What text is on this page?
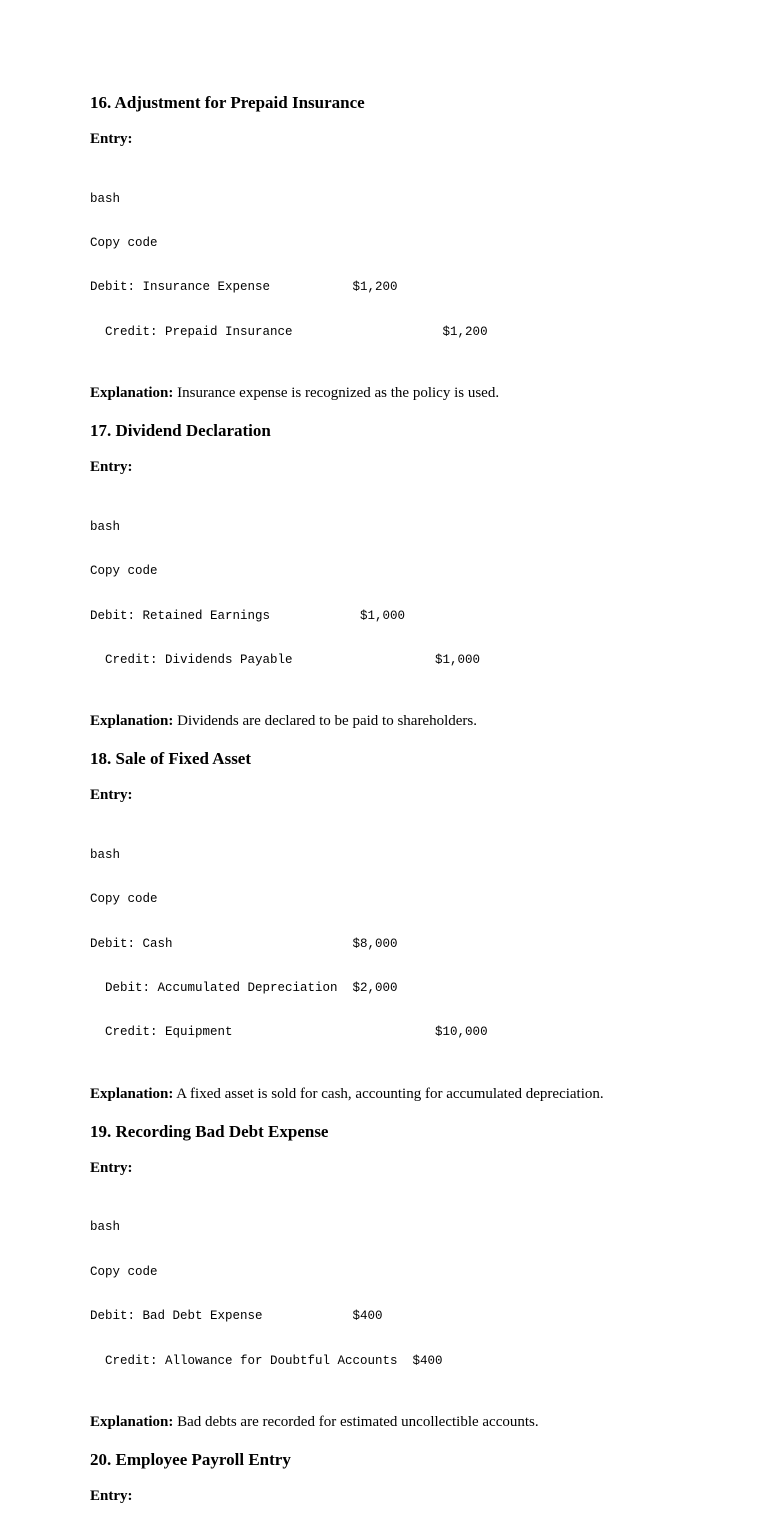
16. Adjustment for Prepaid Insurance
Entry:

bash

Copy code

Debit: Insurance Expense           $1,200

Credit: Prepaid Insurance                    $1,200

Explanation: Insurance expense is recognized as the policy is used.
17. Dividend Declaration
Entry:

bash

Copy code

Debit: Retained Earnings            $1,000

Credit: Dividends Payable                   $1,000

Explanation: Dividends are declared to be paid to shareholders.
18. Sale of Fixed Asset
Entry:

bash

Copy code

Debit: Cash                        $8,000

Debit: Accumulated Depreciation  $2,000

Credit: Equipment                           $10,000

Explanation: A fixed asset is sold for cash, accounting for accumulated depreciation.
19. Recording Bad Debt Expense
Entry:

bash

Copy code

Debit: Bad Debt Expense            $400

Credit: Allowance for Doubtful Accounts  $400

Explanation: Bad debts are recorded for estimated uncollectible accounts.
20. Employee Payroll Entry
Entry:
